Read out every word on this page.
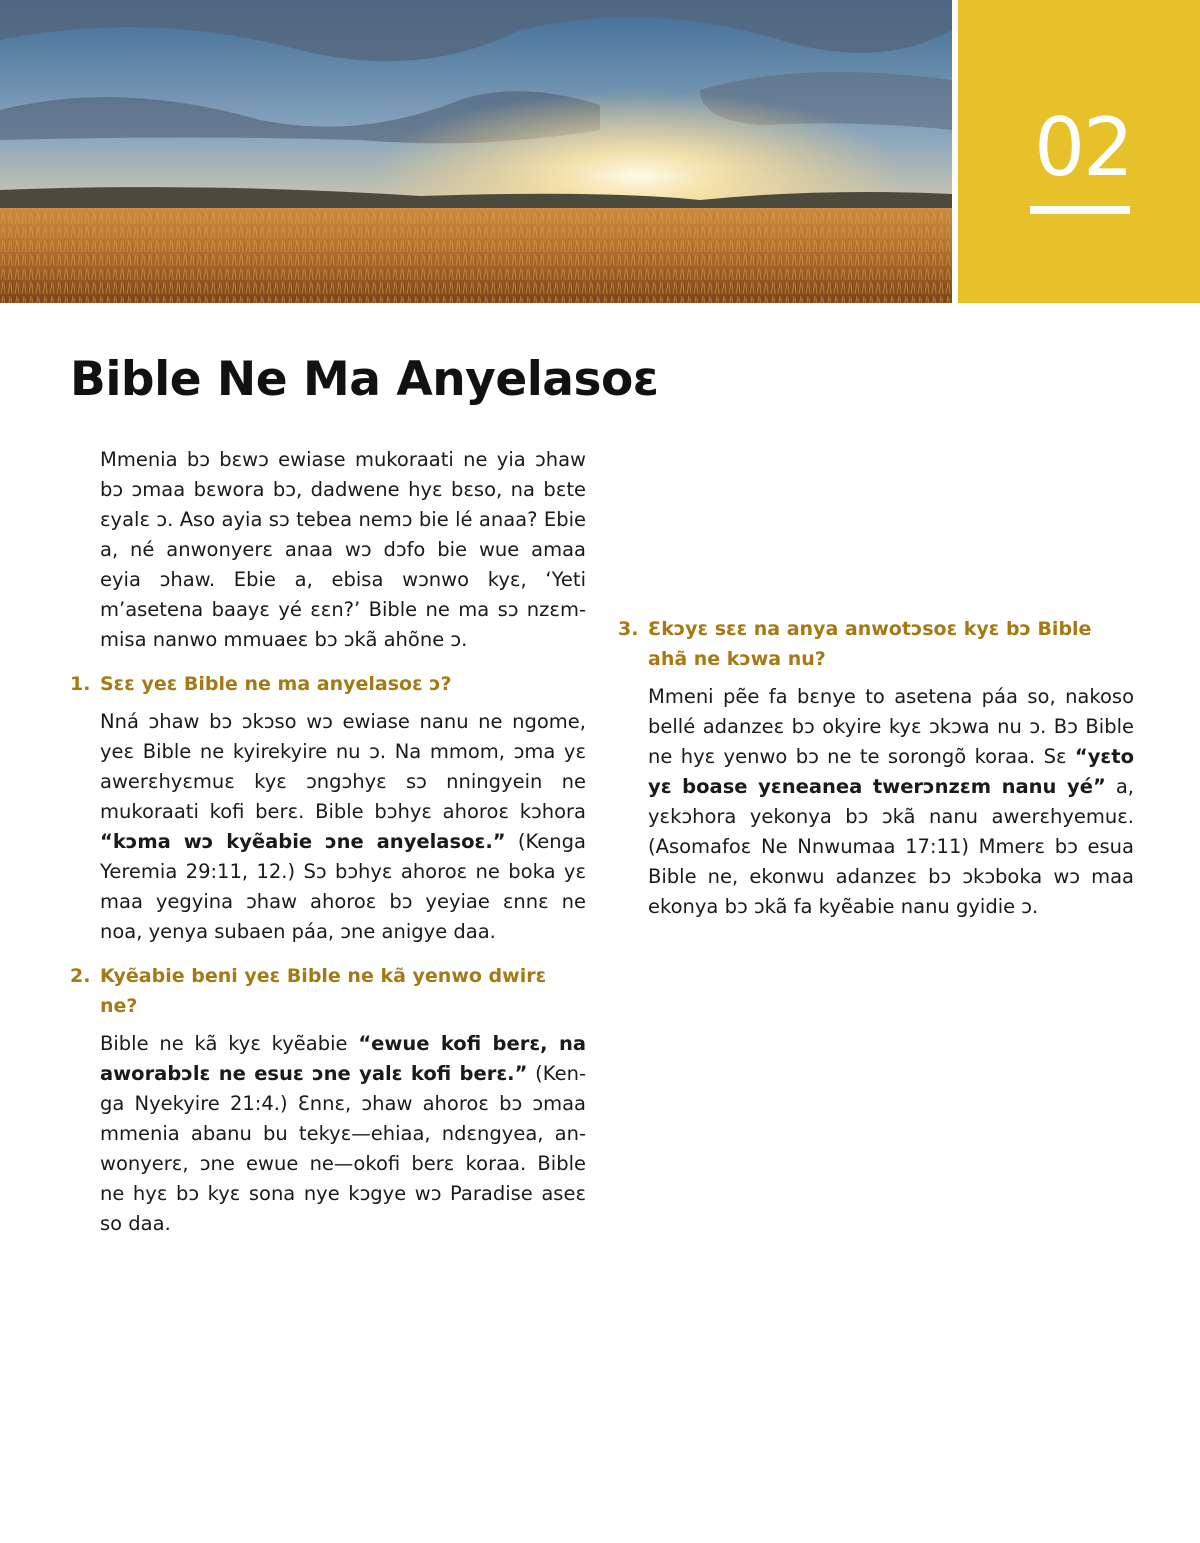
02
Bible Ne Ma Anyelasoɛ

Mmenia bɔ bɛwɔ ewiase mukoraati ne yia ɔhaw bɔ ɔmaa bɛwora bɔ, dadwene hyɛ bɛso, na bɛte ɛyalɛ ɔ. Aso ayia sɔ tebea nemɔ bie lé anaa? Ebie a, né anwonyerɛ anaa wɔ dɔfo bie wue amaa eyia ɔhaw. Ebie a, ebisa wɔnwo kyɛ, ‘Yeti m’asetena baayɛ yé ɛɛn?’ Bible ne ma sɔ nzɛmmisa nanwo mmuaeɛ bɔ ɔkã ahõne ɔ.

1. Sɛɛ yeɛ Bible ne ma anyelasoɛ ɔ?

Nná ɔhaw bɔ ɔkɔso wɔ ewiase nanu ne ngome, yeɛ Bible ne kyirekyire nu ɔ. Na mmom, ɔma yɛ awerɛhyɛmuɛ kyɛ ɔngɔhyɛ sɔ nningyein ne mukoraati kofi berɛ. Bible bɔhyɛ ahoroɛ kɔhora “kɔma wɔ kyẽabie ɔne anyelasoɛ.” (Kenga Yeremia 29:11, 12.) Sɔ bɔhyɛ ahoroɛ ne boka yɛ maa yegyina ɔhaw ahoroɛ bɔ yeyiae ɛnnɛ ne noa, yenya subaen páa, ɔne anigye daa.

2. Kyẽabie beni yeɛ Bible ne kã yenwo dwirɛ ne?

Bible ne kã kyɛ kyẽabie “ewue kofi berɛ, na aworabɔlɛ ne esuɛ ɔne yalɛ kofi berɛ.” (Kenga Nyekyire 21:4.) Ɛnnɛ, ɔhaw ahoroɛ bɔ ɔmaa mmenia abanu bu tekyɛ—ehiaa, ndɛngyea, anwonyerɛ, ɔne ewue ne—okofi berɛ koraa. Bible ne hyɛ bɔ kyɛ sona nye kɔgye wɔ Paradise aseɛ so daa.

3. Ɛkɔyɛ sɛɛ na anya anwotɔsoɛ kyɛ bɔ Bible ahã ne kɔwa nu?

Mmeni pẽe fa bɛnye to asetena páa so, nakoso bellé adanzeɛ bɔ okyire kyɛ ɔkɔwa nu ɔ. Bɔ Bible ne hyɛ yenwo bɔ ne te sorongõ koraa. Sɛ “yɛto yɛ boase yɛneanea twerɔnzɛm nanu yé” a, yɛkɔhora yekonya bɔ ɔkã nanu awerɛhyemuɛ. (Asomafoɛ Ne Nnwumaa 17:11) Mmerɛ bɔ esua Bible ne, ekonwu adanzeɛ bɔ ɔkɔboka wɔ maa ekonya bɔ ɔkã fa kyẽabie nanu gyidie ɔ.
